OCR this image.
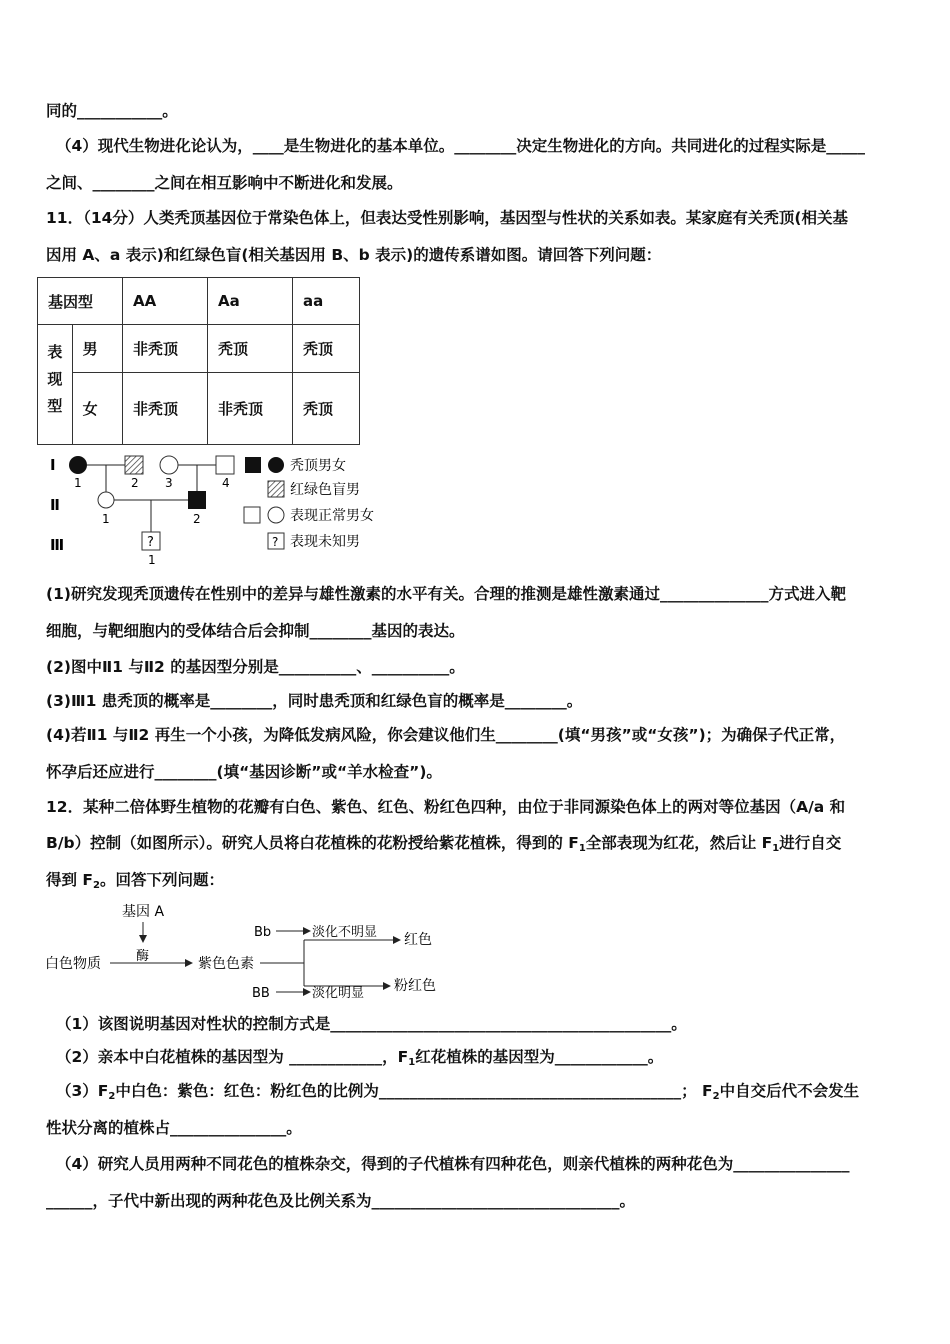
同的___________。
（4）现代生物进化论认为，____是生物进化的基本单位。________决定生物进化的方向。共同进化的过程实际是_____
之间、________之间在相互影响中不断进化和发展。
11．（14分）人类秃顶基因位于常染色体上，但表达受性别影响，基因型与性状的关系如表。某家庭有关秃顶(相关基
因用 A、a 表示)和红绿色盲(相关基因用 B、b 表示)的遗传系谱如图。请回答下列问题：
基因型		AA	Aa	aa
表现型	男	非秃顶	秃顶	秃顶
	女	非秃顶	非秃顶	秃顶
Ⅰ
Ⅱ
Ⅲ
1	2 3	4
1	2
?
1
秃顶男女
红绿色盲男
表现正常男女
? 表现未知男
(1)研究发现秃顶遗传在性别中的差异与雄性激素的水平有关。合理的推测是雄性激素通过______________方式进入靶
细胞，与靶细胞内的受体结合后会抑制________基因的表达。
(2)图中Ⅱ1 与Ⅱ2 的基因型分别是__________、__________。
(3)Ⅲ1 患秃顶的概率是________，同时患秃顶和红绿色盲的概率是________。
(4)若Ⅱ1 与Ⅱ2 再生一个小孩，为降低发病风险，你会建议他们生________(填“男孩”或“女孩”)；为确保子代正常，
怀孕后还应进行________(填“基因诊断”或“羊水检查”)。
12．某种二倍体野生植物的花瓣有白色、紫色、红色、粉红色四种，由位于非同源染色体上的两对等位基因（A/a 和
B/b）控制（如图所示）。研究人员将白花植株的花粉授给紫花植株，得到的 $F_1$全部表现为红花，然后让 $F_1$进行自交
得到 $F_2$。回答下列问题：
基因 A
酶
白色物质	紫色色素
Bb	淡化不明显
BB	淡化明显
红色
粉红色
（1）该图说明基因对性状的控制方式是____________________________________________。
（2）亲本中白花植株的基因型为 ____________，$F_1$红花植株的基因型为____________。
$(3)F_2$中白色：紫色：红色：粉红色的比例为_______________________________________； $F_2$中自交后代不会发生
性状分离的植株占_______________。
（4）研究人员用两种不同花色的植株杂交，得到的子代植株有四种花色，则亲代植株的两种花色为_______________
______，子代中新出现的两种花色及比例关系为________________________________。
